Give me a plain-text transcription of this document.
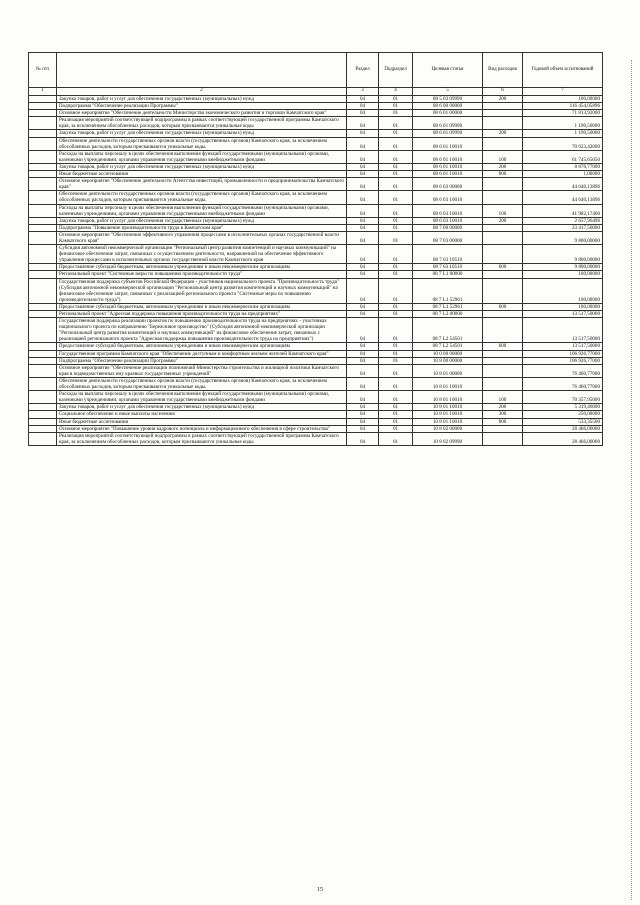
№ п/п		Раздел	Подраздел	Целевая статья	Вид расходов	Годовой объем ассигнований
1	2	3	4	5	6	7
	Закупка товаров, работ и услуг для обеспечения государственных (муниципальных) нужд	04	01	08 5 03 09990	200	100,00000
	Подпрограмма "Обеспечение реализации Программы"	04	01	08 6 00 00000		116 454,05896
	Основное мероприятие "Обеспечение деятельности Министерства экономического развития и торговли Камчатского края"	04	01	08 6 01 00000		71 813,92000
	Реализация мероприятий соответствующей подпрограммы в рамках соответствующей государственной программы Камчатского края, за исключением обособленных расходов, которым присваиваются уникальные коды	04	01	08 6 01 09990		1 190,50000
	Закупка товаров, работ и услуг для обеспечения государственных (муниципальных) нужд	04	01	08 6 01 09990	200	1 190,50000
	Обеспечение деятельности государственных органов власти (государственных органов) Камчатского края, за исключением обособленных расходов, которым присваиваются уникальные коды.	04	01	08 6 01 10010		70 623,42000
	Расходы на выплаты персоналу в целях обеспечения выполнения функций государственными (муниципальными) органами, казенными учреждениями, органами управления государственными внебюджетными фондами	04	01	08 6 01 10010	100	61 745,65050
	Закупка товаров, работ и услуг для обеспечения государственных (муниципальных) нужд	04	01	08 6 01 10010	200	8 876,77000
	Иные бюджетные ассигнования	04	01	08 6 01 10010	800	1,00000
	Основное мероприятие "Обеспечение деятельности Агентства инвестиций, промышленности и предпринимательства Камчатского края"	04	01	08 6 03 00000		44 640,13896
	Обеспечение деятельности государственных органов власти (государственных органов) Камчатского края, за исключением обособленных расходов, которым присваиваются уникальные коды.	04	01	08 6 03 10010		44 640,13896
	Расходы на выплаты персоналу в целях обеспечения выполнения функций государственными (муниципальными) органами, казенными учреждениями, органами управления государственными внебюджетными фондами	04	01	08 6 03 10010	100	41 982,17400
	Закупка товаров, работ и услуг для обеспечения государственных (муниципальных) нужд	04	01	08 6 03 10010	200	2 657,96496
	Подпрограмма "Повышение производительности труда в Камчатском крае"	04	01	08 7 00 00000		23 417,50000
	Основное мероприятие "Обеспечение эффективного управления процессами в исполнительных органах государственной власти Камчатского края"	04	01	08 7 03 00000		9 800,00000
	Субсидия автономной некоммерческой организации "Региональный центр развития компетенций и научных коммуникаций" на финансовое обеспечение затрат, связанных с осуществлением деятельности, направленной на обеспечение эффективного управления процессами в исполнительных органах государственной власти Камчатского края	04	01	08 7 03 10510		9 800,00000
	Предоставление субсидий бюджетным, автономным учреждениям и иным некоммерческим организациям	04	01	08 7 03 10510	600	9 800,00000
	Региональный проект "Системные меры по повышению производительности труда"	04	01	08 7 L1 00000		100,00000
	Государственная поддержка субъектов Российской Федерации - участников национального проекта "Производительность труда" (Субсидия автономной некоммерческой организации "Региональный центр развития компетенций и научных коммуникаций" на финансовое обеспечение затрат, связанных с реализацией регионального проекта "Системные меры по повышению производительности труда")	04	01	08 7 L1 52961		100,00000
	Предоставление субсидий бюджетным, автономным учреждениям и иным некоммерческим организациям	04	01	08 7 L1 52961	600	100,00000
	Региональный проект "Адресная поддержка повышения производительности труда на предприятиях"	04	01	08 7 L2 00000		13 517,50000
	Государственная поддержка реализации проектов по повышению производительности труда на предприятиях - участниках национального проекта по направлению "Бережливое производство" (Субсидия автономной некоммерческой организации "Региональный центр развития компетенций и научных коммуникаций" на финансовое обеспечение затрат, связанных с реализацией регионального проекта "Адресная поддержка повышения производительности труда на предприятиях")	04	01	08 7 L2 54501		13 517,50000
	Предоставление субсидий бюджетным, автономным учреждениям и иным некоммерческим организациям	04	01	08 7 L2 54501	600	13 517,50000
	Государственная программа Камчатского края "Обеспечение доступным и комфортным жильем жителей Камчатского края"	04	01	10 0 00 00000		106 926,77000
	Подпрограмма "Обеспечение реализации Программы"	04	01	10 8 00 00000		106 926,77000
	Основное мероприятие "Обеспечение реализации полномочий Министерства строительства и жилищной политики Камчатского края в подведомственных ему краевых государственных учреждений"	04	01	10 8 01 00000		76 460,77000
	Обеспечение деятельности государственных органов власти (государственных органов) Камчатского края, за исключением обособленных расходов, которым присваиваются уникальные коды.	04	01	10 8 01 10010		76 460,77000
	Расходы на выплаты персоналу в целях обеспечения выполнения функций государственными (муниципальными) органами, казенными учреждениями, органами управления государственными внебюджетными фондами	04	01	10 8 01 10010	100	70 357,95000
	Закупка товаров, работ и услуг для обеспечения государственных (муниципальных) нужд	04	01	10 8 01 10010	200	5 319,46000
	Социальное обеспечение и иные выплаты населению	04	01	10 8 01 10010	300	250,00000
	Иные бюджетные ассигнования	04	01	10 8 01 10010	800	533,35500
	Основное мероприятие "Повышение уровня кадрового потенциала и информационного обеспечения в сфере строительства"	04	01	10 8 02 00000		28 466,00000
	Реализация мероприятий соответствующей подпрограммы в рамках соответствующей государственной программы Камчатского края, за исключением обособленных расходов, которым присваиваются уникальные коды	04	01	10 8 02 09990		28 466,00000
15
